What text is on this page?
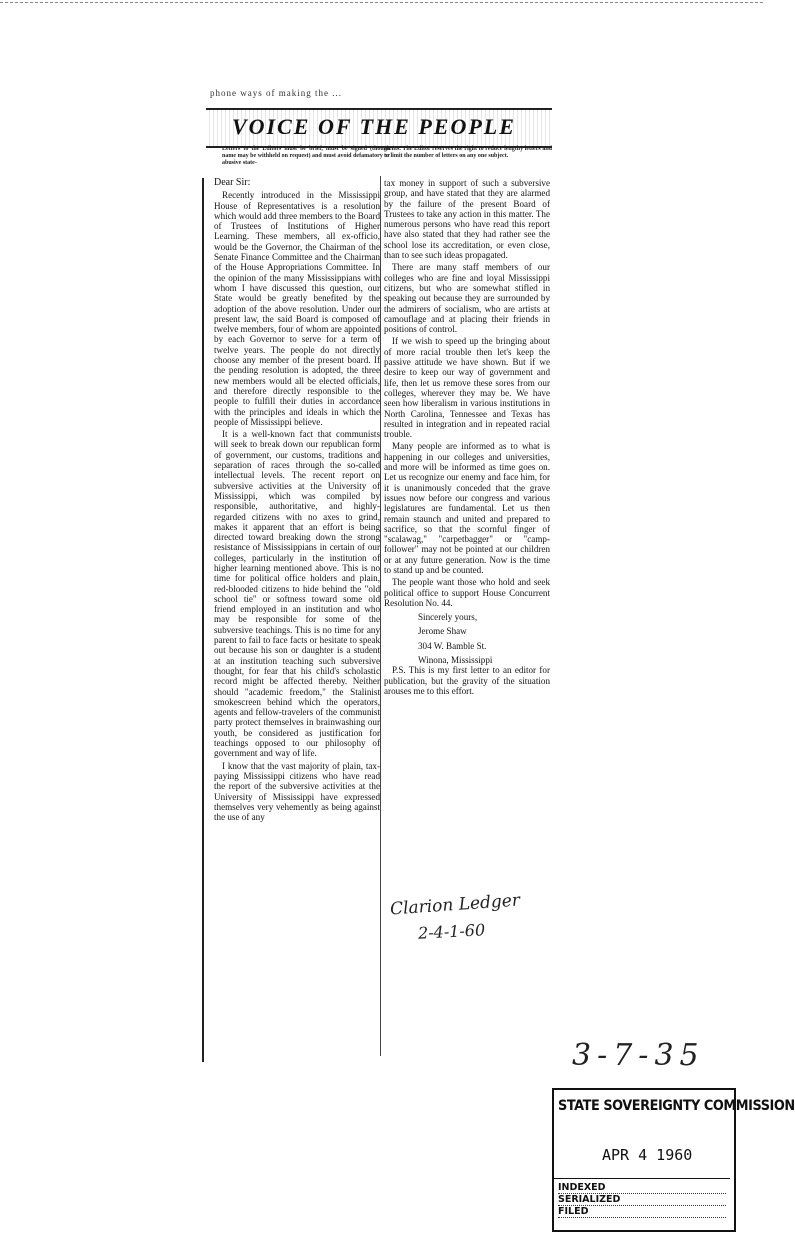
phone ways of making the ...
VOICE OF THE PEOPLE
Letters to the Editors must be brief, must be signed (though name may be withheld on request) and must avoid defamatory or abusive state-
ments. The Editor reserves the right to reduce lengthy letters and to limit the number of letters on any one subject.
Dear Sir:

Recently introduced in the Mississippi House of Representatives is a resolution which would add three members to the Board of Trustees of Institutions of Higher Learning. These members, all ex-officio, would be the Governor, the Chairman of the Senate Finance Committee and the Chairman of the House Appropriations Committee. In the opinion of the many Mississippians with whom I have discussed this question, our State would be greatly benefited by the adoption of the above resolution. Under our present law, the said Board is composed of twelve members, four of whom are appointed by each Governor to serve for a term of twelve years. The people do not directly choose any member of the present board. If the pending resolution is adopted, the three new members would all be elected officials, and therefore directly responsible to the people to fulfill their duties in accordance with the principles and ideals in which the people of Mississippi believe.

It is a well-known fact that communists will seek to break down our republican form of government, our customs, traditions and separation of races through the so-called intellectual levels. The recent report on subversive activities at the University of Mississippi, which was compiled by responsible, authoritative, and highly-regarded citizens with no axes to grind, makes it apparent that an effort is being directed toward breaking down the strong resistance of Mississippians in certain of our colleges, particularly in the institution of higher learning mentioned above. This is no time for political office holders and plain, red-blooded citizens to hide behind the "old school tie" or softness toward some old friend employed in an institution and who may be responsible for some of the subversive teachings. This is no time for any parent to fail to face facts or hesitate to speak out because his son or daughter is a student at an institution teaching such subversive thought, for fear that his child's scholastic record might be affected thereby. Neither should "academic freedom," the Stalinist smokescreen behind which the operators, agents and fellow-travelers of the communist party protect themselves in brainwashing our youth, be considered as justification for teachings opposed to our philosophy of government and way of life.

I know that the vast majority of plain, tax-paying Mississippi citizens who have read the report of the subversive activities at the University of Mississippi have expressed themselves very vehemently as being against the use of any

tax money in support of such a subversive group, and have stated that they are alarmed by the failure of the present Board of Trustees to take any action in this matter. The numerous persons who have read this report have also stated that they had rather see the school lose its accreditation, or even close, than to see such ideas propagated.

There are many staff members of our colleges who are fine and loyal Mississippi citizens, but who are somewhat stifled in speaking out because they are surrounded by the admirers of socialism, who are artists at camouflage and at placing their friends in positions of control.

If we wish to speed up the bringing about of more racial trouble then let's keep the passive attitude we have shown. But if we desire to keep our way of government and life, then let us remove these sores from our colleges, wherever they may be. We have seen how liberalism in various institutions in North Carolina, Tennessee and Texas has resulted in integration and in repeated racial trouble.

Many people are informed as to what is happening in our colleges and universities, and more will be informed as time goes on. Let us recognize our enemy and face him, for it is unanimously conceded that the grave issues now before our congress and various legislatures are fundamental. Let us then remain staunch and united and prepared to sacrifice, so that the scornful finger of "scalawag," "carpetbagger" or "camp-follower" may not be pointed at our children or at any future generation. Now is the time to stand up and be counted.

The people want those who hold and seek political office to support House Concurrent Resolution No. 44.

Sincerely yours,

Jerome Shaw

304 W. Bamble St.

Winona, Mississippi

P.S. This is my first letter to an editor for publication, but the gravity of the situation arouses me to this effort.

Clarion Ledger
2-4-1-60
3-7-35
STATE SOVEREIGNTY COMMISSION
APR 4 1960
INDEXED
SERIALIZED
FILED
